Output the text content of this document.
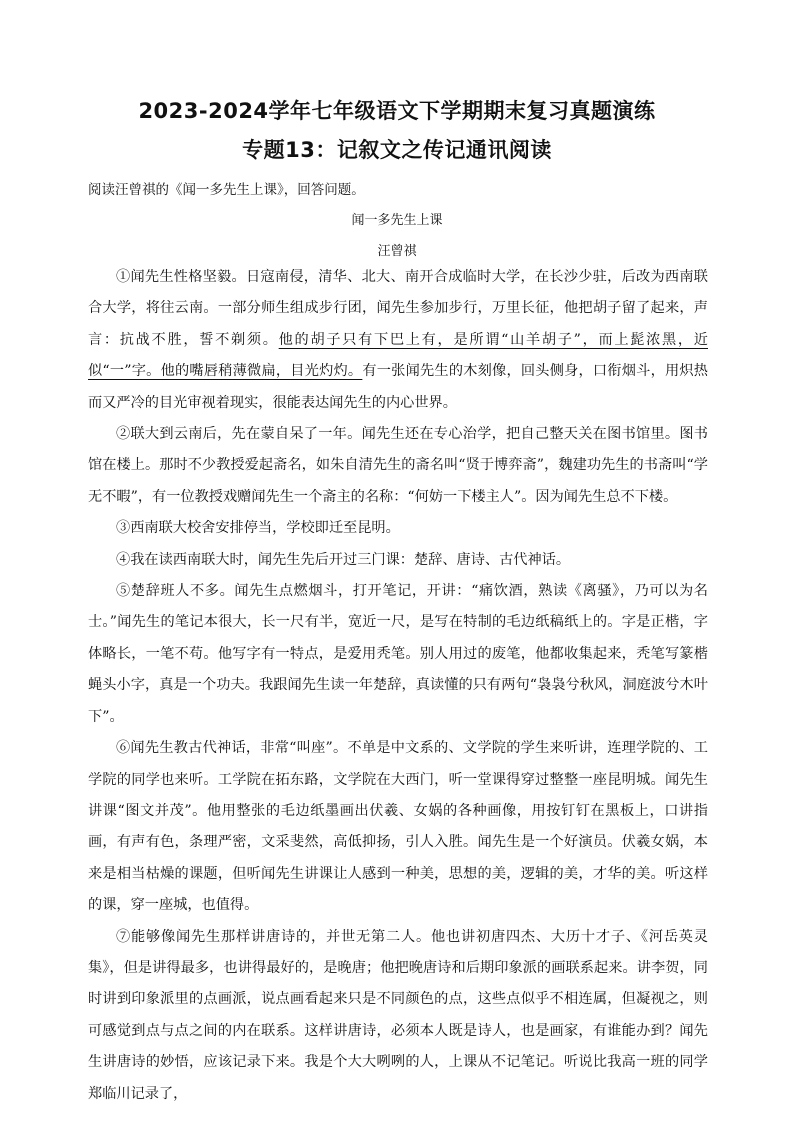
2023-2024学年七年级语文下学期期末复习真题演练
专题13：记叙文之传记通讯阅读
阅读汪曾祺的《闻一多先生上课》，回答问题。
闻一多先生上课
汪曾祺

①闻先生性格坚毅。日寇南侵，清华、北大、南开合成临时大学，在长沙少驻，后改为西南联合大学，将往云南。一部分师生组成步行团，闻先生参加步行，万里长征，他把胡子留了起来，声言：抗战不胜，誓不剃须。他的胡子只有下巴上有，是所谓“山羊胡子”，而上髭浓黑，近似“一”字。他的嘴唇稍薄微扁，目光灼灼。有一张闻先生的木刻像，回头侧身，口衔烟斗，用炽热而又严冷的目光审视着现实，很能表达闻先生的内心世界。

②联大到云南后，先在蒙自呆了一年。闻先生还在专心治学，把自己整天关在图书馆里。图书馆在楼上。那时不少教授爱起斋名，如朱自清先生的斋名叫“贤于博弈斋”，魏建功先生的书斋叫“学无不暇”，有一位教授戏赠闻先生一个斋主的名称：“何妨一下楼主人”。因为闻先生总不下楼。

③西南联大校舍安排停当，学校即迁至昆明。

④我在读西南联大时，闻先生先后开过三门课：楚辞、唐诗、古代神话。

⑤楚辞班人不多。闻先生点燃烟斗，打开笔记，开讲：“痛饮酒，熟读《离骚》，乃可以为名士。”闻先生的笔记本很大，长一尺有半，宽近一尺，是写在特制的毛边纸稿纸上的。字是正楷，字体略长，一笔不苟。他写字有一特点，是爱用秃笔。别人用过的废笔，他都收集起来，秃笔写篆楷蝇头小字，真是一个功夫。我跟闻先生读一年楚辞，真读懂的只有两句“袅袅兮秋风，洞庭波兮木叶下”。

⑥闻先生教古代神话，非常“叫座”。不单是中文系的、文学院的学生来听讲，连理学院的、工学院的同学也来听。工学院在拓东路，文学院在大西门，听一堂课得穿过整整一座昆明城。闻先生讲课“图文并茂”。他用整张的毛边纸墨画出伏羲、女娲的各种画像，用按钉钉在黑板上，口讲指画，有声有色，条理严密，文采斐然，高低抑扬，引人入胜。闻先生是一个好演员。伏羲女娲，本来是相当枯燥的课题，但听闻先生讲课让人感到一种美，思想的美，逻辑的美，才华的美。听这样的课，穿一座城，也值得。

⑦能够像闻先生那样讲唐诗的，并世无第二人。他也讲初唐四杰、大历十才子、《河岳英灵集》，但是讲得最多，也讲得最好的，是晚唐；他把晚唐诗和后期印象派的画联系起来。讲李贺，同时讲到印象派里的点画派，说点画看起来只是不同颜色的点，这些点似乎不相连属，但凝视之，则可感觉到点与点之间的内在联系。这样讲唐诗，必须本人既是诗人，也是画家，有谁能办到？闻先生讲唐诗的妙悟，应该记录下来。我是个大大咧咧的人，上课从不记笔记。听说比我高一班的同学郑临川记录了，
